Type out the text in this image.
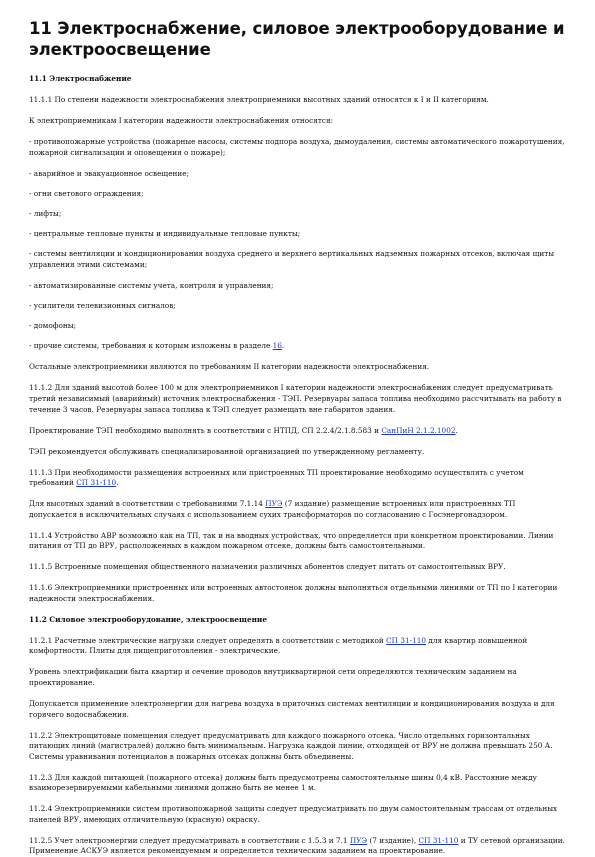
11 Электроснабжение, силовое электрооборудование и электроосвещение
11.1 Электроснабжение
11.1.1 По степени надежности электроснабжения электроприемники высотных зданий относятся к I и II категориям.
К электроприемникам I категории надежности электроснабжения относятся:
- противопожарные устройства (пожарные насосы, системы подпора воздуха, дымоудаления, системы автоматического пожаротушения, пожарной сигнализации и оповещения о пожаре);
- аварийное и эвакуационное освещение;
- огни светового ограждения;
- лифты;
- центральные тепловые пункты и индивидуальные тепловые пункты;
- системы вентиляции и кондиционирования воздуха среднего и верхнего вертикальных надземных пожарных отсеков, включая щиты управления этими системами;
- автоматизированные системы учета, контроля и управления;
- усилители телевизионных сигналов;
- домофоны;
- прочие системы, требования к которым изложены в разделе 16.
Остальные электроприемники являются по требованиям II категории надежности электроснабжения.
11.1.2 Для зданий высотой более 100 м для электроприемников I категории надежности электроснабжения следует предусматривать третий независимый (аварийный) источник электроснабжения - ТЭП. Резервуары запаса топлива необходимо рассчитывать на работу в течение 3 часов. Резервуары запаса топлива к ТЭП следует размещать вне габаритов здания.
Проектирование ТЭП необходимо выполнять в соответствии с НТПД, СП 2.2.4/2.1.8.583 и СанПиН 2.1.2.1002.
ТЭП рекомендуется обслуживать специализированной организацией по утвержденному регламенту.
11.1.3 При необходимости размещения встроенных или пристроенных ТП проектирование необходимо осуществлять с учетом требований СП 31-110.
Для высотных зданий в соответствии с требованиями 7.1.14 ПУЭ (7 издание) размещение встроенных или пристроенных ТП допускается в исключительных случаях с использованием сухих трансформаторов по согласованию с Госэнергонадзором.
11.1.4 Устройство АВР возможно как на ТП, так и на вводных устройствах, что определяется при конкретном проектировании. Линии питания от ТП до ВРУ, расположенных в каждом пожарном отсеке, должны быть самостоятельными.
11.1.5 Встроенные помещения общественного назначения различных абонентов следует питать от самостоятельных ВРУ.
11.1.6 Электроприемники пристроенных или встроенных автостоянок должны выполняться отдельными линиями от ТП по I категории надежности электроснабжения.
11.2 Силовое электрооборудование, электроосвещение
11.2.1 Расчетные электрические нагрузки следует определять в соответствии с методикой СП 31-110 для квартир повышенной комфортности. Плиты для пищеприготовления - электрические.
Уровень электрификации быта квартир и сечение проводов внутриквартирной сети определяются техническим заданием на проектирование.
Допускается применение электроэнергии для нагрева воздуха в приточных системах вентиляции и кондиционирования воздуха и для горячего водоснабжения.
11.2.2 Электрощитовые помещения следует предусматривать для каждого пожарного отсека. Число отдельных горизонтальных питающих линий (магистралей) должно быть минимальным. Нагрузка каждой линии, отходящей от ВРУ не должна превышать 250 А. Системы уравнивания потенциалов в пожарных отсеках должны быть объединены.
11.2.3 Для каждой питающей (пожарного отсека) должны быть предусмотрены самостоятельные шины 0,4 кВ. Расстояние между взаиморезервируемыми кабельными линиями должно быть не менее 1 м.
11.2.4 Электроприемники систем противопожарной защиты следует предусматривать по двум самостоятельным трассам от отдельных панелей ВРУ, имеющих отличительную (красную) окраску.
11.2.5 Учет электроэнергии следует предусматривать в соответствии с 1.5.3 и 7.1 ПУЭ (7 издание), СП 31-110 и ТУ сетевой организации. Применение АСКУЭ является рекомендуемым и определяется техническим заданием на проектирование.
